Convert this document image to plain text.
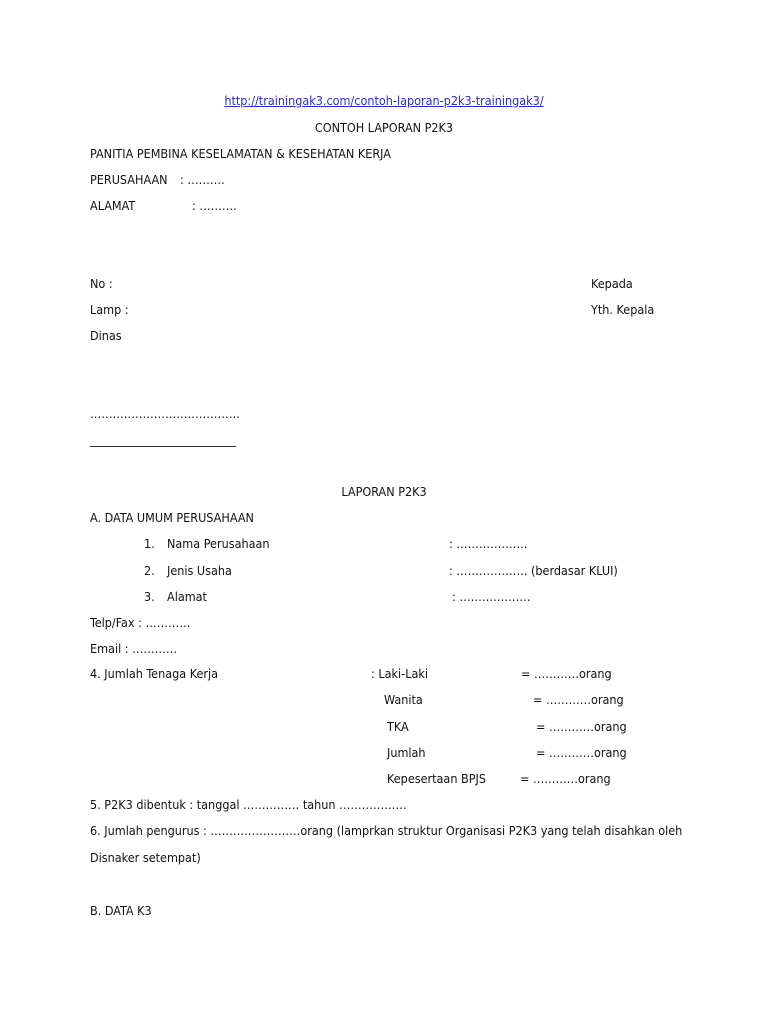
http://trainingak3.com/contoh-laporan-p2k3-trainingak3/
CONTOH LAPORAN P2K3
PANITIA PEMBINA KESELAMATAN & KESEHATAN KERJA
PERUSAHAAN : ……….
ALAMAT	: ……….
No :	Kepada
Lamp :	Yth. Kepala
Dinas
………………………………….
__________________________
LAPORAN P2K3
A. DATA UMUM PERUSAHAAN
1. Nama Perusahaan	: ……………….
2. Jenis Usaha	: ………………. (berdasar KLUI)
3. Alamat	: ……………….
Telp/Fax : …………
Email : …………
4. Jumlah Tenaga Kerja	: Laki-Laki	= …………orang
Wanita	= …………orang
TKA	= …………orang
Jumlah	= …………orang
Kepesertaan BPJS	= …………orang
5. P2K3 dibentuk : tanggal …………… tahun ………………
6. Jumlah pengurus : ……………………orang (lamprkan struktur Organisasi P2K3 yang telah disahkan oleh
Disnaker setempat)
B. DATA K3
